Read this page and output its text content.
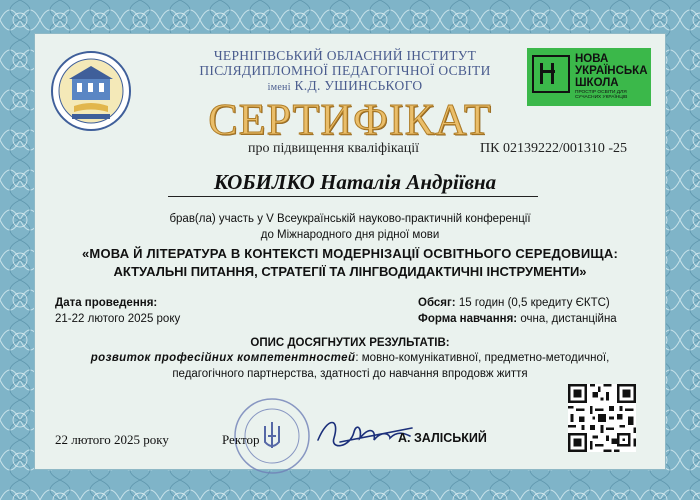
ЧЕРНІГІВСЬКИЙ ОБЛАСНИЙ ІНСТИТУТ
ПІСЛЯДИПЛОМНОЇ ПЕДАГОГІЧНОЇ ОСВІТИ
імені К.Д. УШИНСЬКОГО
НОВА
УКРАЇНСЬКА
ШКОЛА
ПРОСТІР ОСВІТИ ДЛЯ СУЧАСНИХ УКРАЇНЦІВ
СЕРТИФІКАТ
про підвищення кваліфікації	ПК 02139222/001310 -25
КОБИЛКО Наталія Андріївна
брав(ла) участь у V Всеукраїнській науково-практичній конференції
до Міжнародного дня рідної мови
«МОВА Й ЛІТЕРАТУРА В КОНТЕКСТІ МОДЕРНІЗАЦІЇ ОСВІТНЬОГО СЕРЕДОВИЩА:
АКТУАЛЬНІ ПИТАННЯ, СТРАТЕГІЇ ТА ЛІНГВОДИДАКТИЧНІ ІНСТРУМЕНТИ»
Дата проведення:
21-22 лютого 2025 року
Обсяг: 15 годин (0,5 кредиту ЄКТС)
Форма навчання: очна, дистанційна
ОПИС ДОСЯГНУТИХ РЕЗУЛЬТАТІВ:
розвиток професійних компетентностей: мовно-комунікативної, предметно-методичної,
педагогічного партнерства, здатності до навчання впродовж життя
22 лютого 2025 року	Ректор	А. ЗАЛІСЬКИЙ
